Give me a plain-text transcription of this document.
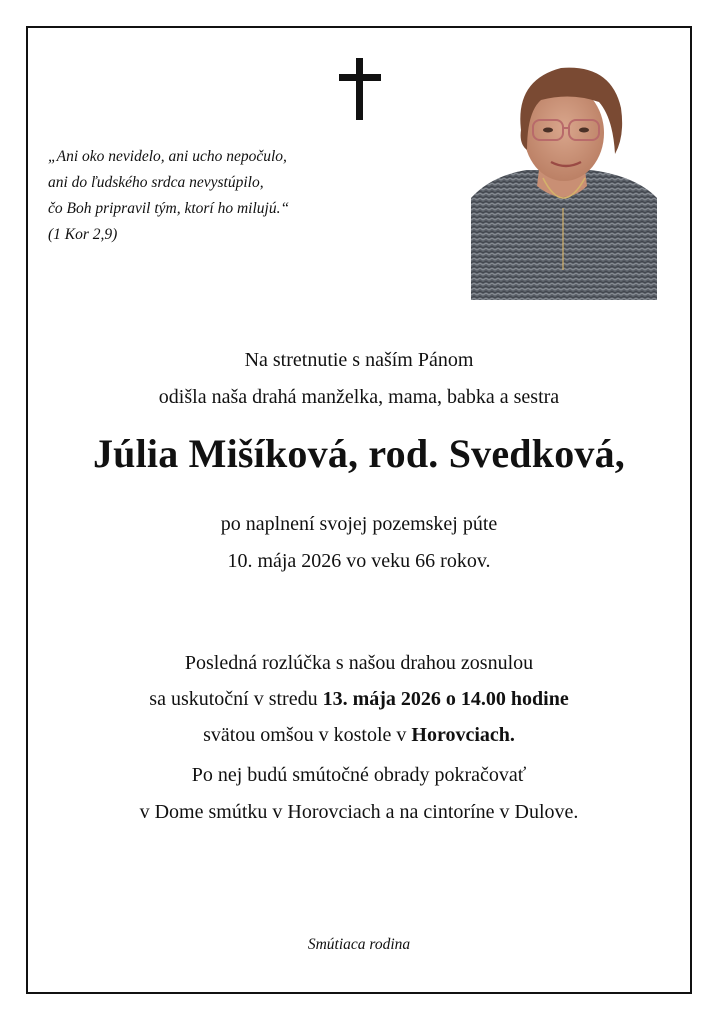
„Ani oko nevidelo, ani ucho nepočulo,
ani do ľudského srdca nevystúpilo,
čo Boh pripravil tým, ktorí ho milujú.“
(1 Kor 2,9)
Na stretnutie s naším Pánom
odišla naša drahá manželka, mama, babka a sestra
Júlia Mišíková, rod. Svedková,
po naplnení svojej pozemskej púte
10. mája 2026 vo veku 66 rokov.
Posledná rozlúčka s našou drahou zosnulou
sa uskutoční v stredu 13. mája 2026 o 14.00 hodine
svätou omšou v kostole v Horovciach.
Po nej budú smútočné obrady pokračovať
v Dome smútku v Horovciach a na cintoríne v Dulove.
Smútiaca rodina
